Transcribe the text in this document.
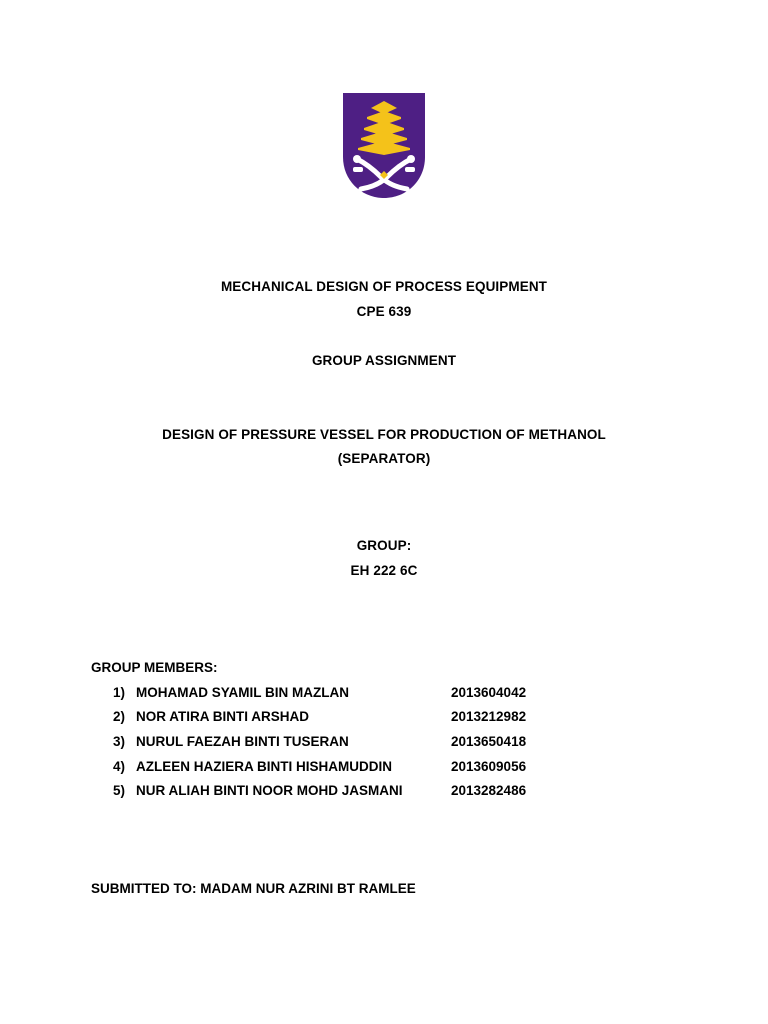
MECHANICAL DESIGN OF PROCESS EQUIPMENT
CPE 639
GROUP ASSIGNMENT
DESIGN OF PRESSURE VESSEL FOR PRODUCTION OF METHANOL
(SEPARATOR)
GROUP:
EH 222 6C
GROUP MEMBERS:
1) MOHAMAD SYAMIL BIN MAZLAN	2013604042
2) NOR ATIRA BINTI ARSHAD	2013212982
3) NURUL FAEZAH BINTI TUSERAN	2013650418
4) AZLEEN HAZIERA BINTI HISHAMUDDIN	2013609056
5) NUR ALIAH BINTI NOOR MOHD JASMANI	2013282486
SUBMITTED TO: MADAM NUR AZRINI BT RAMLEE
